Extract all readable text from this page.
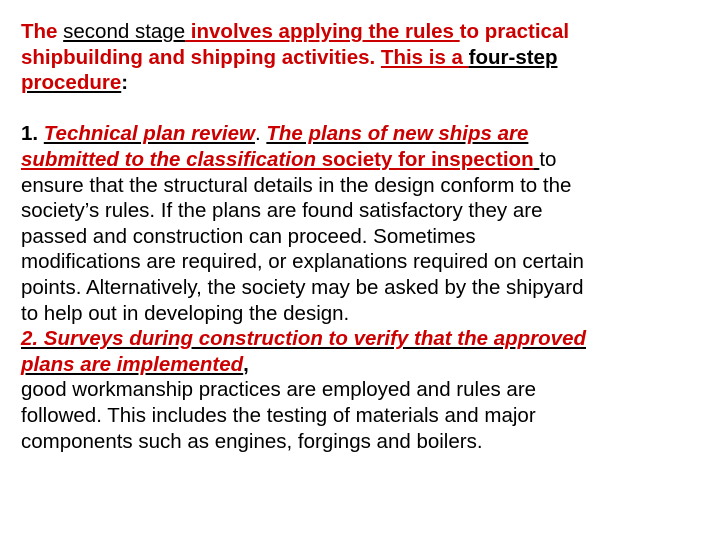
The second stage involves applying the rules to practical
shipbuilding and shipping activities. This is a four-step
procedure:
1. Technical plan review. The plans of new ships are
submitted to the classification society for inspection to
ensure that the structural details in the design conform to the
society’s rules. If the plans are found satisfactory they are
passed and construction can proceed. Sometimes
modifications are required, or explanations required on certain
points. Alternatively, the society may be asked by the shipyard
to help out in developing the design.
2. Surveys during construction to verify that the approved
plans are implemented,
good workmanship practices are employed and rules are
followed. This includes the testing of materials and major
components such as engines, forgings and boilers.
